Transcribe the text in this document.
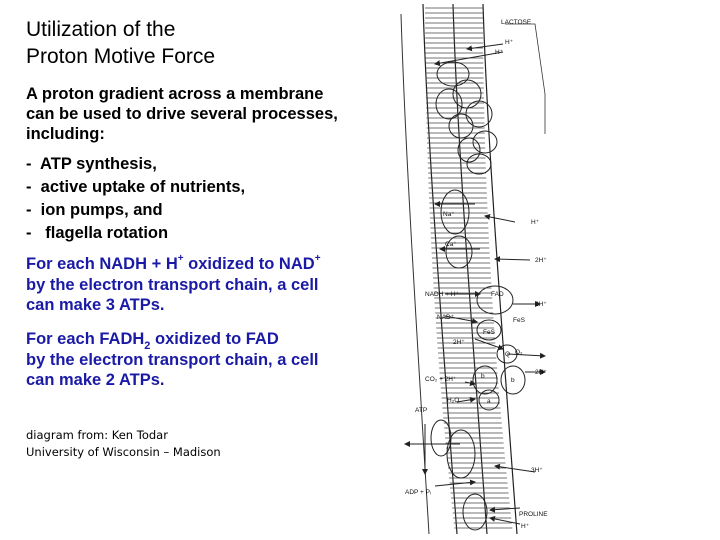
Utilization of the
Proton Motive Force
A proton gradient across a membrane
can be used to drive several processes,
including:
-  ATP synthesis,
-  active uptake of nutrients,
-  ion pumps, and
-   flagella rotation
For each NADH + H+ oxidized to NAD+
by the electron transport chain, a cell
can make 3 ATPs.
For each $FADH_2$ oxidized to FAD
by the electron transport chain, a cell
can make 2 ATPs.
diagram from: Ken Todar
University of Wisconsin – Madison
LACTOSE
H⁺
H⁺
Na⁺
H⁺
Ca⁺
2H⁺
NADH + H⁺	FAD
2H⁺
NAD⁺	FeS
FeS
2H⁺
Q O₂
CO₂ + 2H⁺	b
2H⁺
H₂O
b
a
ATP
3H⁺
ADP + Pᵢ
PROLINE
H⁺
